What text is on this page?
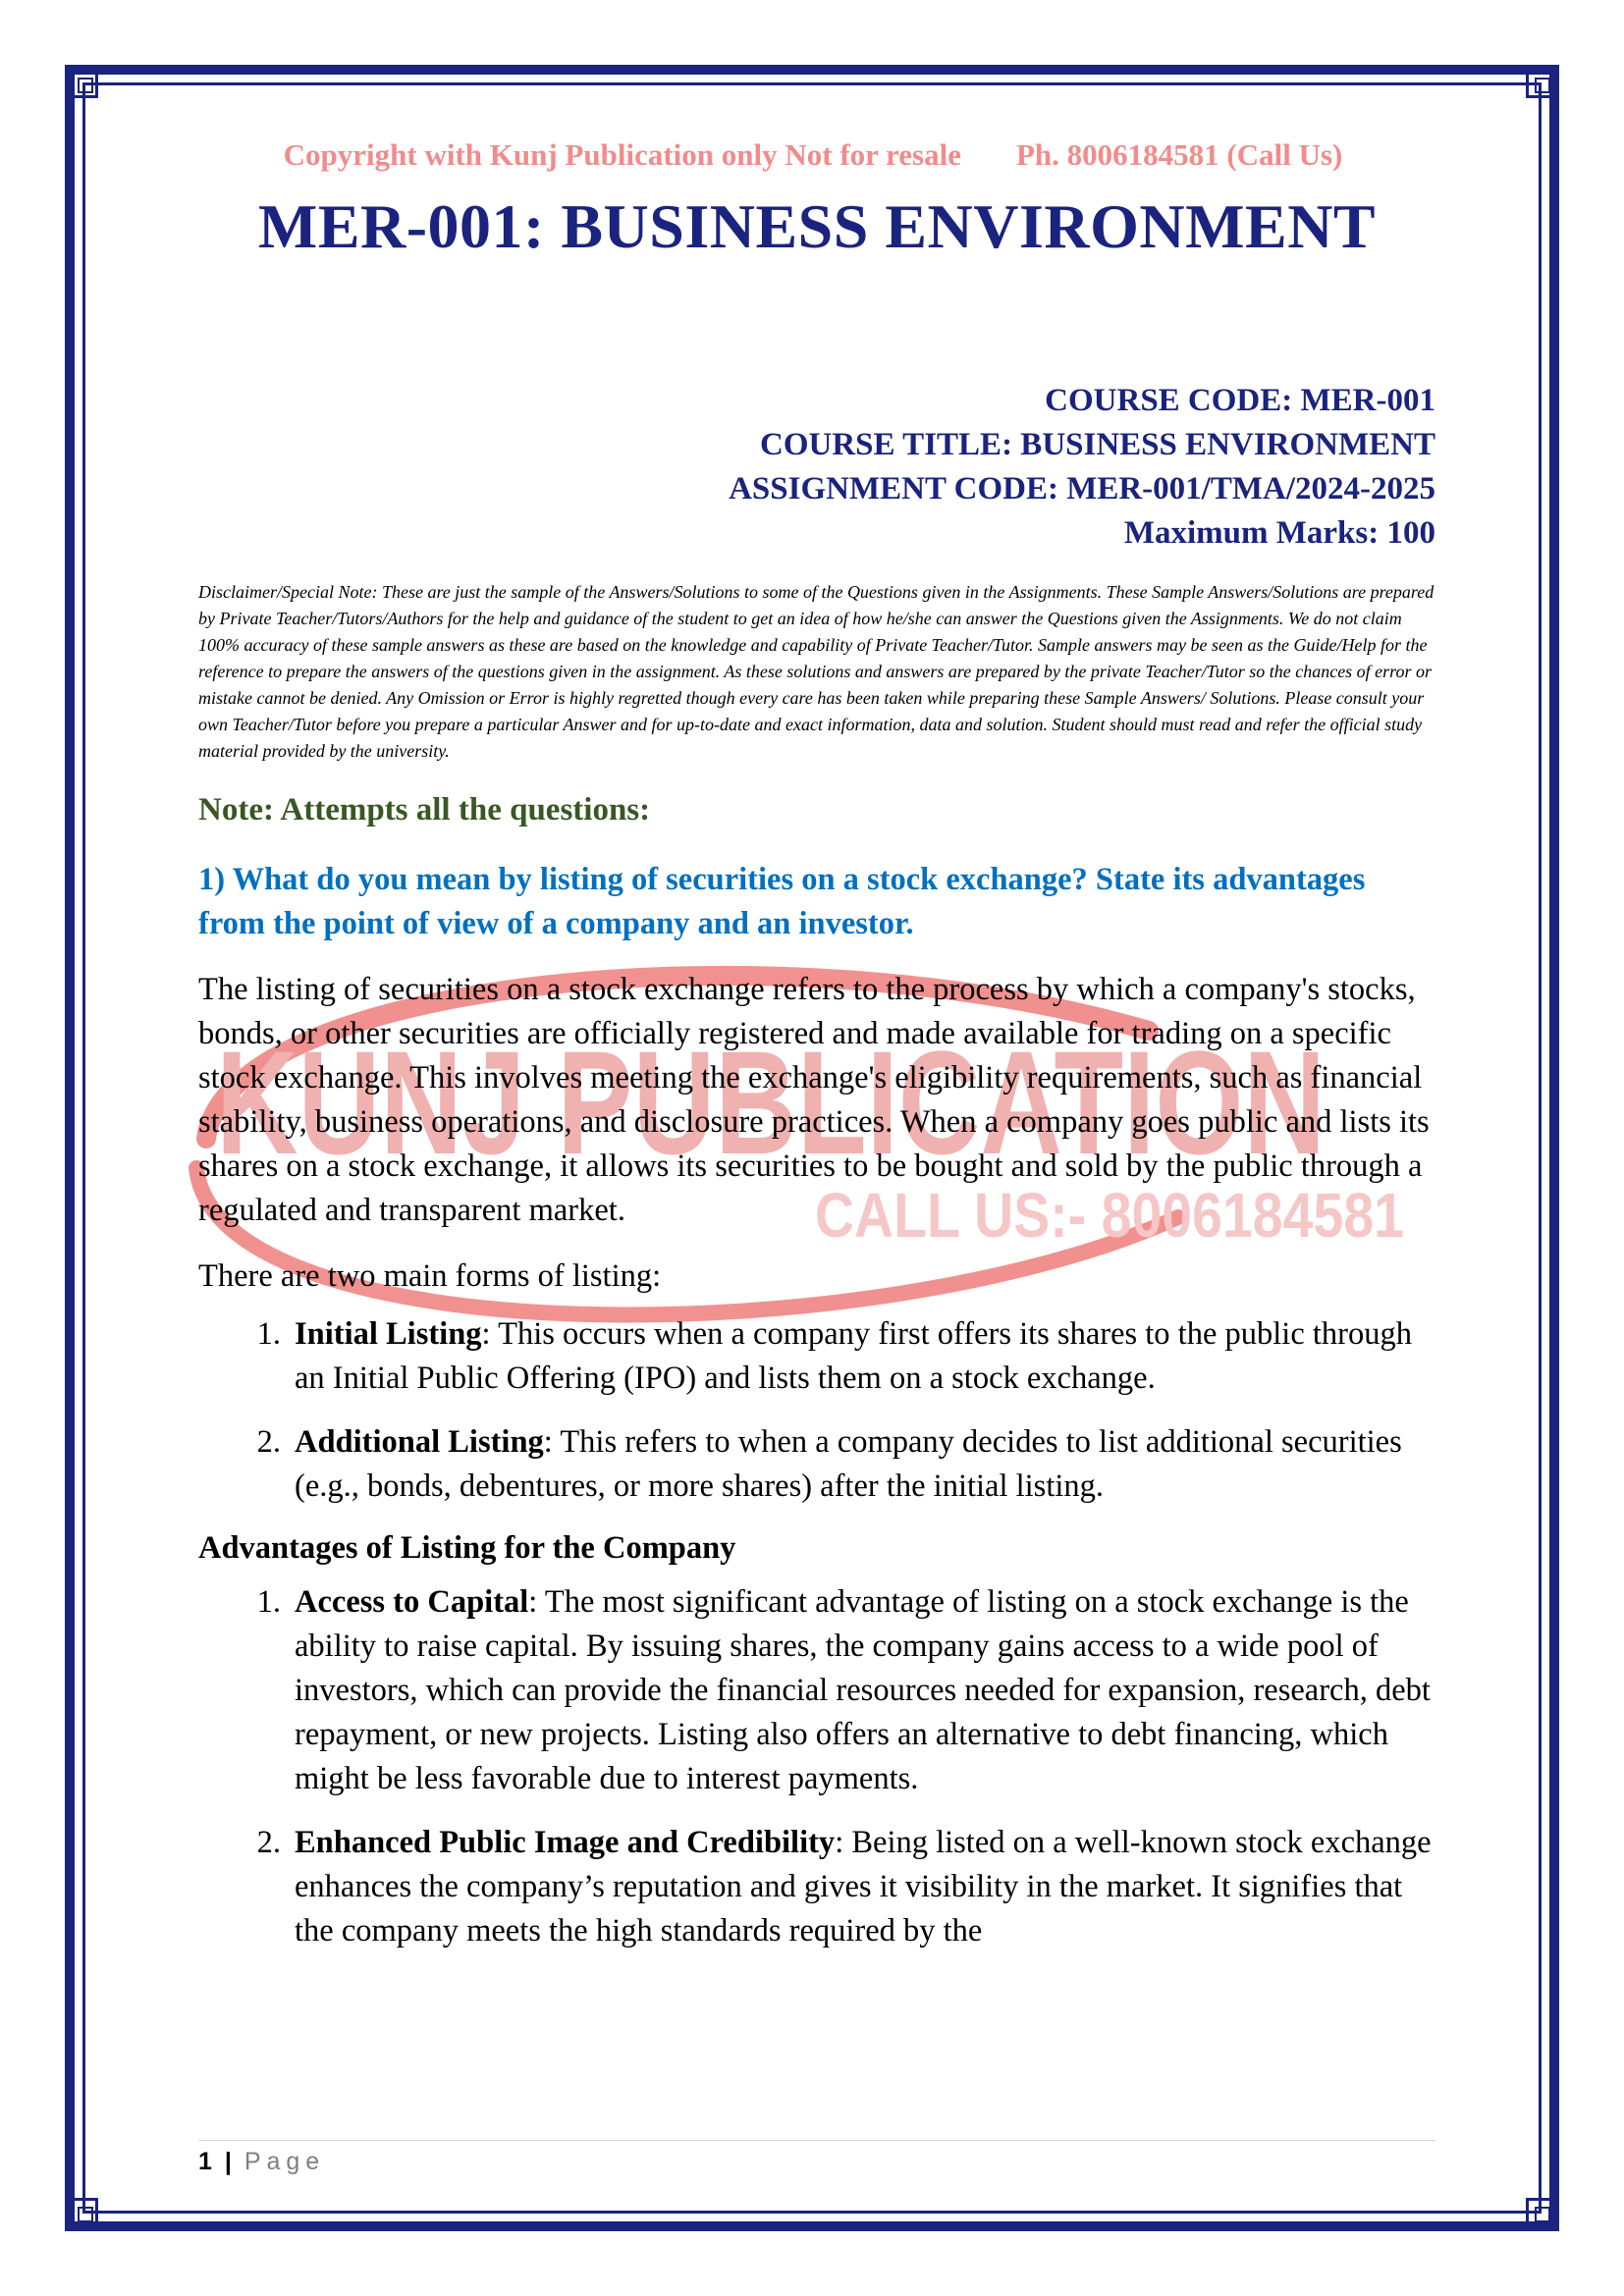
KUNJ PUBLICATION
CALL US:- 8006184581
Copyright with Kunj Publication only Not for resale Ph. 8006184581 (Call Us)
MER-001: BUSINESS ENVIRONMENT
COURSE CODE: MER-001
COURSE TITLE: BUSINESS ENVIRONMENT
ASSIGNMENT CODE: MER-001/TMA/2024-2025
Maximum Marks: 100
Disclaimer/Special Note: These are just the sample of the Answers/Solutions to some of the Questions given in the Assignments. These Sample Answers/Solutions are prepared by Private Teacher/Tutors/Authors for the help and guidance of the student to get an idea of how he/she can answer the Questions given the Assignments. We do not claim 100% accuracy of these sample answers as these are based on the knowledge and capability of Private Teacher/Tutor. Sample answers may be seen as the Guide/Help for the reference to prepare the answers of the questions given in the assignment. As these solutions and answers are prepared by the private Teacher/Tutor so the chances of error or mistake cannot be denied. Any Omission or Error is highly regretted though every care has been taken while preparing these Sample Answers/ Solutions. Please consult your own Teacher/Tutor before you prepare a particular Answer and for up-to-date and exact information, data and solution. Student should must read and refer the official study material provided by the university.
Note: Attempts all the questions:
1) What do you mean by listing of securities on a stock exchange? State its advantages from the point of view of a company and an investor.

The listing of securities on a stock exchange refers to the process by which a company's stocks, bonds, or other securities are officially registered and made available for trading on a specific stock exchange. This involves meeting the exchange's eligibility requirements, such as financial stability, business operations, and disclosure practices. When a company goes public and lists its shares on a stock exchange, it allows its securities to be bought and sold by the public through a regulated and transparent market.

There are two main forms of listing:

1. Initial Listing: This occurs when a company first offers its shares to the public through an Initial Public Offering (IPO) and lists them on a stock exchange.
2. Additional Listing: This refers to when a company decides to list additional securities (e.g., bonds, debentures, or more shares) after the initial listing.
Advantages of Listing for the Company
1. Access to Capital: The most significant advantage of listing on a stock exchange is the ability to raise capital. By issuing shares, the company gains access to a wide pool of investors, which can provide the financial resources needed for expansion, research, debt repayment, or new projects. Listing also offers an alternative to debt financing, which might be less favorable due to interest payments.
2. Enhanced Public Image and Credibility: Being listed on a well-known stock exchange enhances the company’s reputation and gives it visibility in the market. It signifies that the company meets the high standards required by the
1 | Page
